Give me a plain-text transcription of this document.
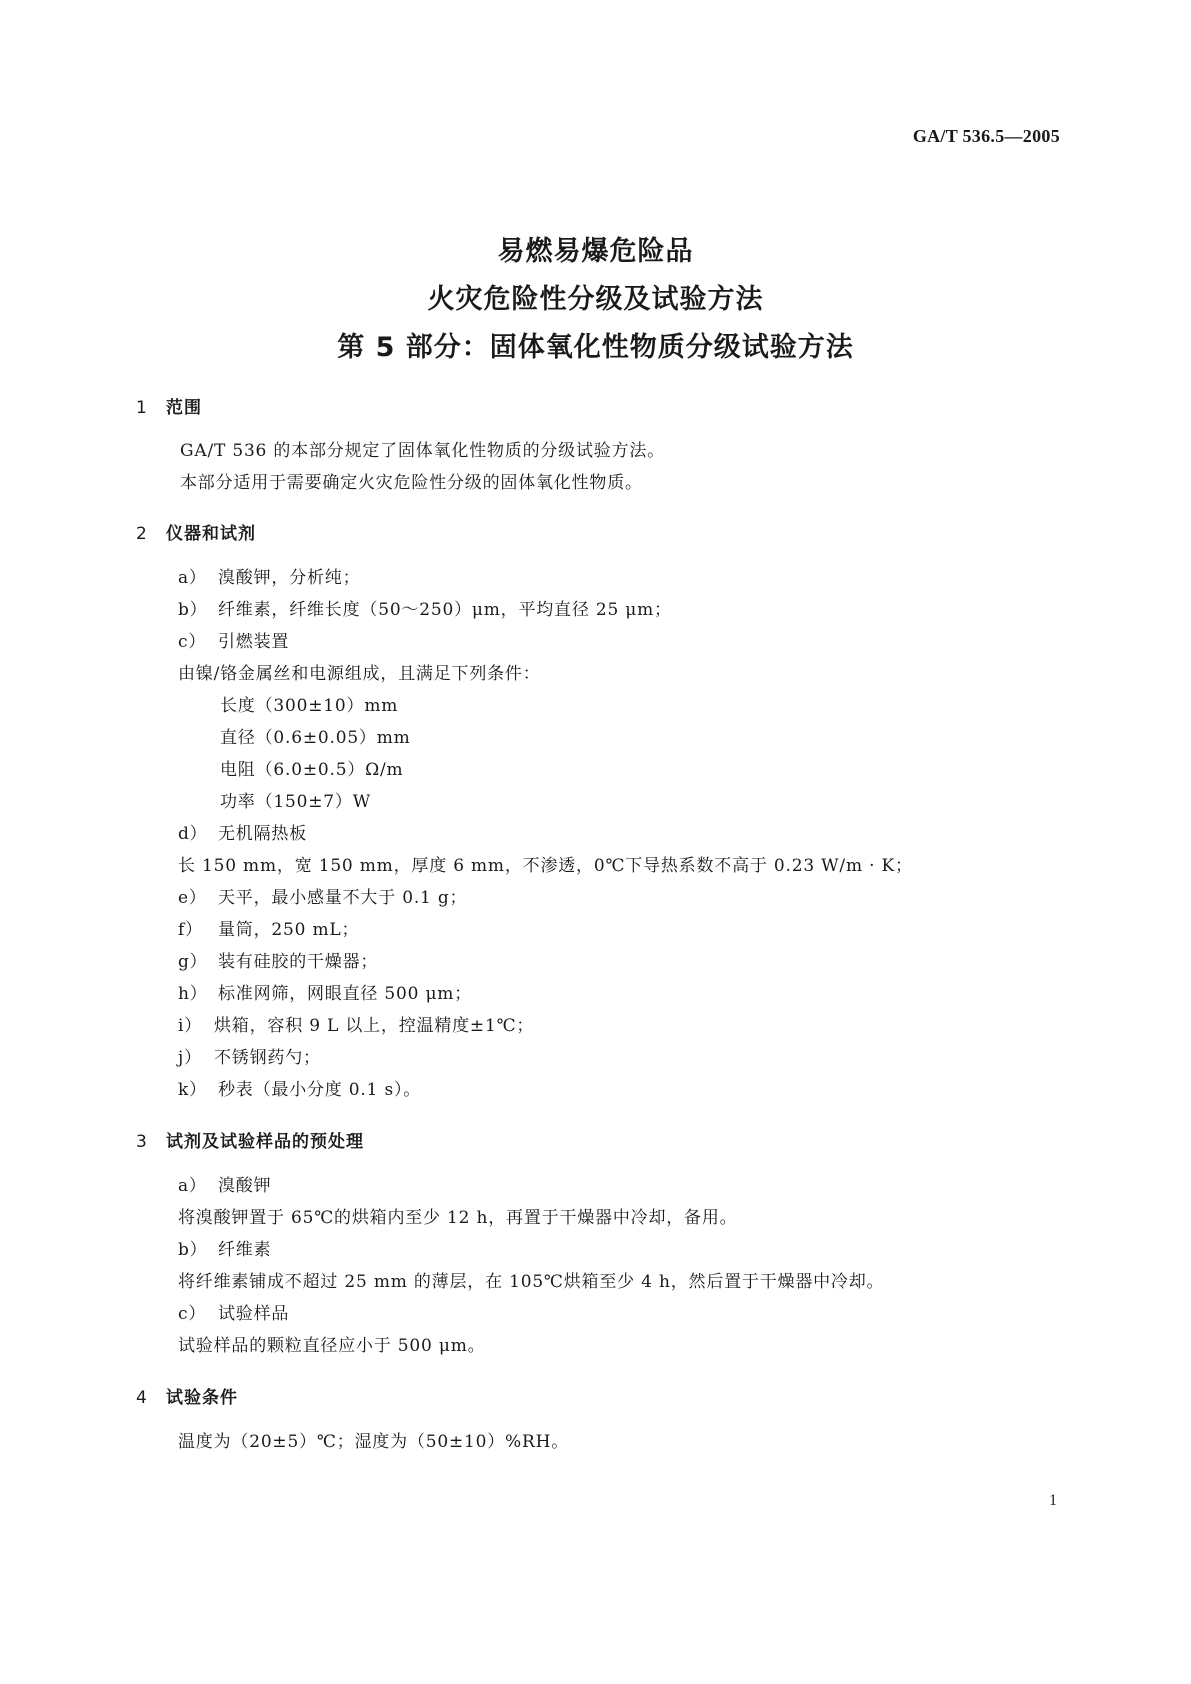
GA/T 536.5—2005
易燃易爆危险品
火灾危险性分级及试验方法
第 5 部分：固体氧化性物质分级试验方法
1 范围
GA/T 536 的本部分规定了固体氧化性物质的分级试验方法。
本部分适用于需要确定火灾危险性分级的固体氧化性物质。
2 仪器和试剂
a） 溴酸钾，分析纯；
b） 纤维素，纤维长度（50～250）μm，平均直径 25 μm；
c） 引燃装置
由镍/铬金属丝和电源组成，且满足下列条件：
长度（300±10）mm
直径（0.6±0.05）mm
电阻（6.0±0.5）Ω/m
功率（150±7）W
d） 无机隔热板
长 150 mm，宽 150 mm，厚度 6 mm，不渗透，0℃下导热系数不高于 0.23 W/m · K；
e） 天平，最小感量不大于 0.1 g；
f） 量筒，250 mL；
g） 装有硅胶的干燥器；
h） 标准网筛，网眼直径 500 μm；
i） 烘箱，容积 9 L 以上，控温精度±1℃；
j） 不锈钢药勺；
k） 秒表（最小分度 0.1 s）。
3 试剂及试验样品的预处理
a） 溴酸钾
将溴酸钾置于 65℃的烘箱内至少 12 h，再置于干燥器中冷却，备用。
b） 纤维素
将纤维素铺成不超过 25 mm 的薄层，在 105℃烘箱至少 4 h，然后置于干燥器中冷却。
c） 试验样品
试验样品的颗粒直径应小于 500 μm。
4 试验条件
温度为（20±5）℃；湿度为（50±10）%RH。
1
